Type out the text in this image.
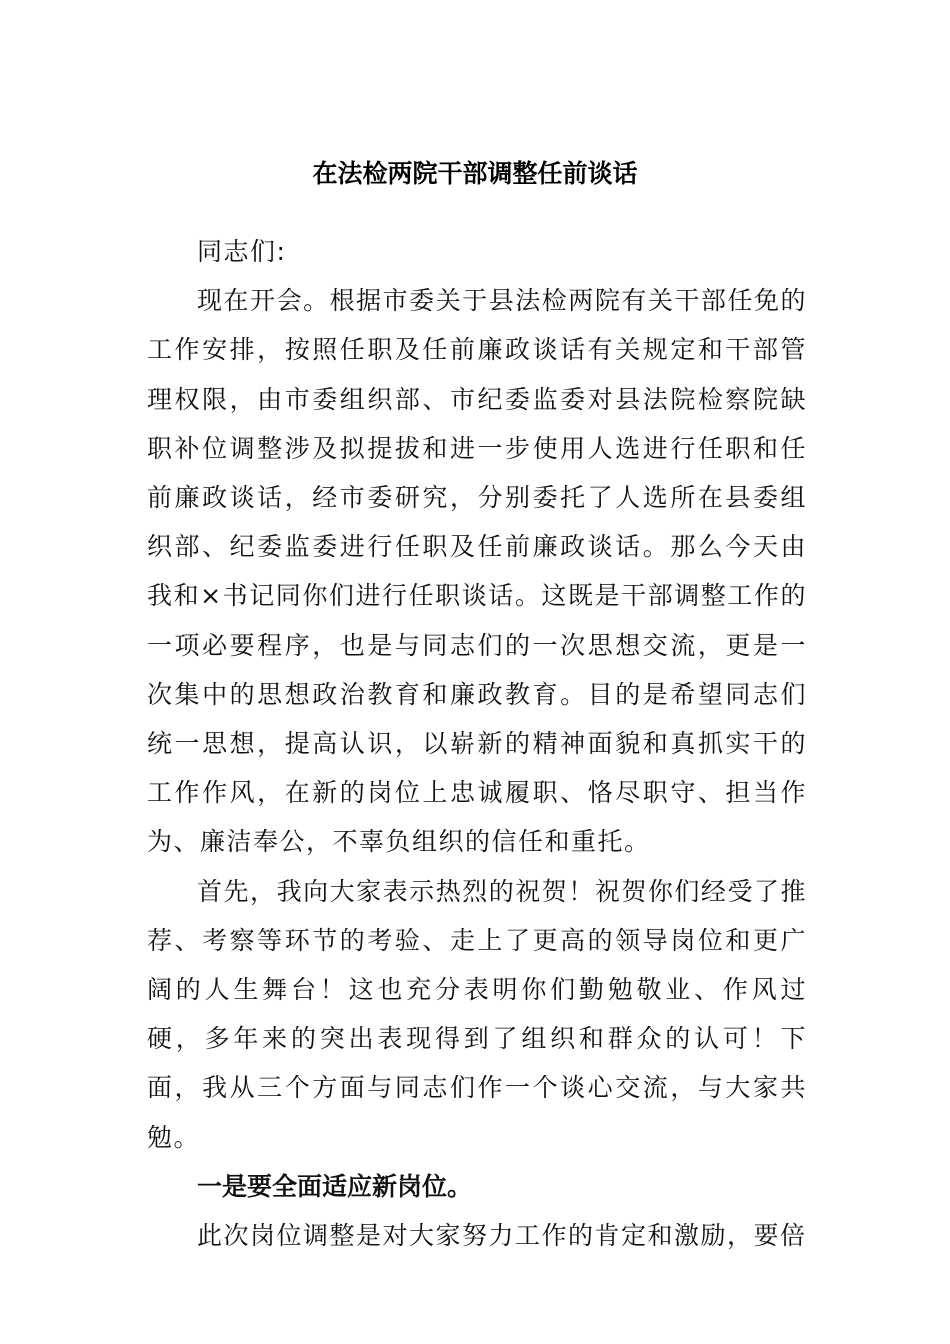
在法检两院干部调整任前谈话

同志们:

现在开会。根据市委关于县法检两院有关干部任免的工作安排，按照任职及任前廉政谈话有关规定和干部管理权限，由市委组织部、市纪委监委对县法院检察院缺职补位调整涉及拟提拔和进一步使用人选进行任职和任前廉政谈话，经市委研究，分别委托了人选所在县委组织部、纪委监委进行任职及任前廉政谈话。那么今天由我和×书记同你们进行任职谈话。这既是干部调整工作的一项必要程序，也是与同志们的一次思想交流，更是一次集中的思想政治教育和廉政教育。目的是希望同志们统一思想，提高认识，以崭新的精神面貌和真抓实干的工作作风，在新的岗位上忠诚履职、恪尽职守、担当作为、廉洁奉公，不辜负组织的信任和重托。

首先，我向大家表示热烈的祝贺！祝贺你们经受了推荐、考察等环节的考验、走上了更高的领导岗位和更广阔的人生舞台！这也充分表明你们勤勉敬业、作风过硬，多年来的突出表现得到了组织和群众的认可！下面，我从三个方面与同志们作一个谈心交流，与大家共勉。

一是要全面适应新岗位。

此次岗位调整是对大家努力工作的肯定和激励，要倍
